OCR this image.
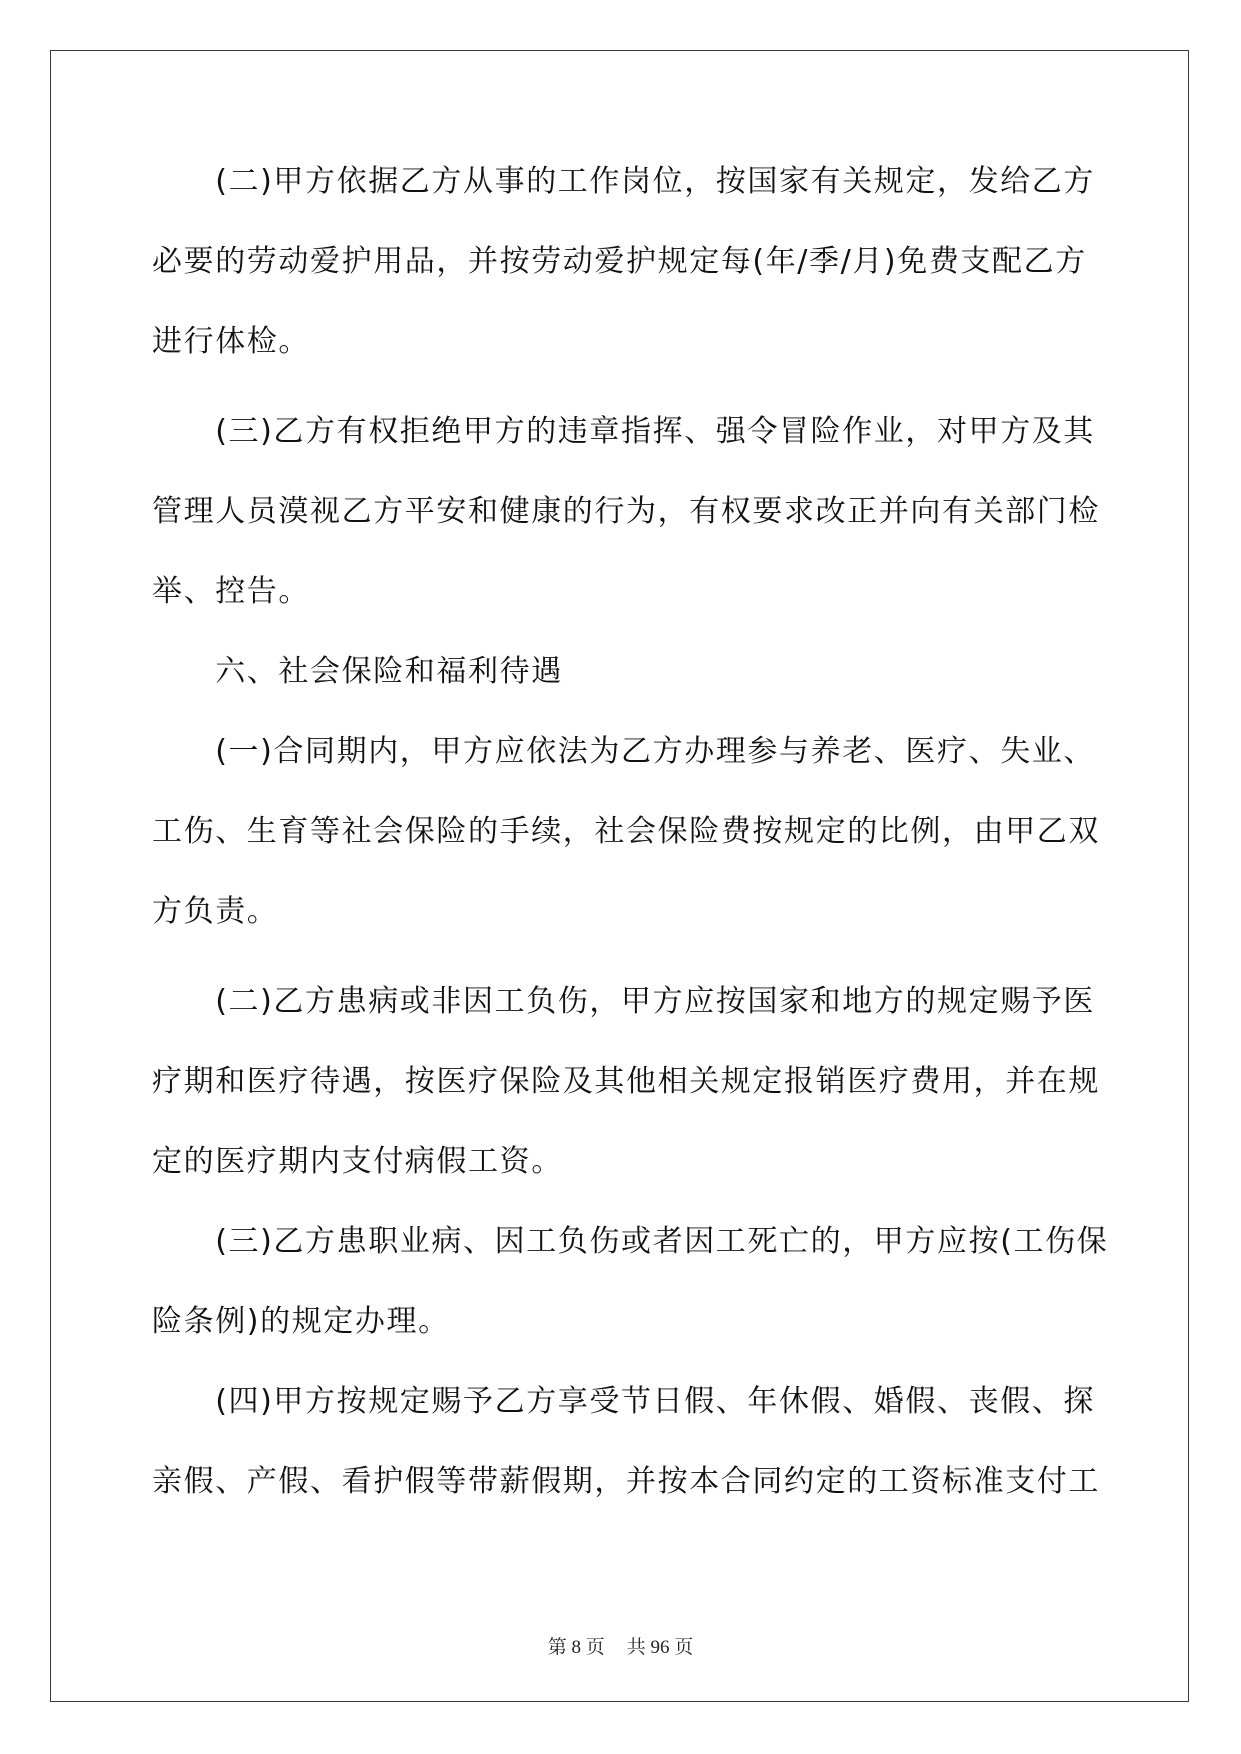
　　(二)甲方依据乙方从事的工作岗位，按国家有关规定，发给乙方
必要的劳动爱护用品，并按劳动爱护规定每(年/季/月)免费支配乙方
进行体检。
　　(三)乙方有权拒绝甲方的违章指挥、强令冒险作业，对甲方及其
管理人员漠视乙方平安和健康的行为，有权要求改正并向有关部门检
举、控告。
　　六、社会保险和福利待遇
　　(一)合同期内，甲方应依法为乙方办理参与养老、医疗、失业、
工伤、生育等社会保险的手续，社会保险费按规定的比例，由甲乙双
方负责。
　　(二)乙方患病或非因工负伤，甲方应按国家和地方的规定赐予医
疗期和医疗待遇，按医疗保险及其他相关规定报销医疗费用，并在规
定的医疗期内支付病假工资。
　　(三)乙方患职业病、因工负伤或者因工死亡的，甲方应按(工伤保
险条例)的规定办理。
　　(四)甲方按规定赐予乙方享受节日假、年休假、婚假、丧假、探
亲假、产假、看护假等带薪假期，并按本合同约定的工资标准支付工
第 8 页 共 96 页
